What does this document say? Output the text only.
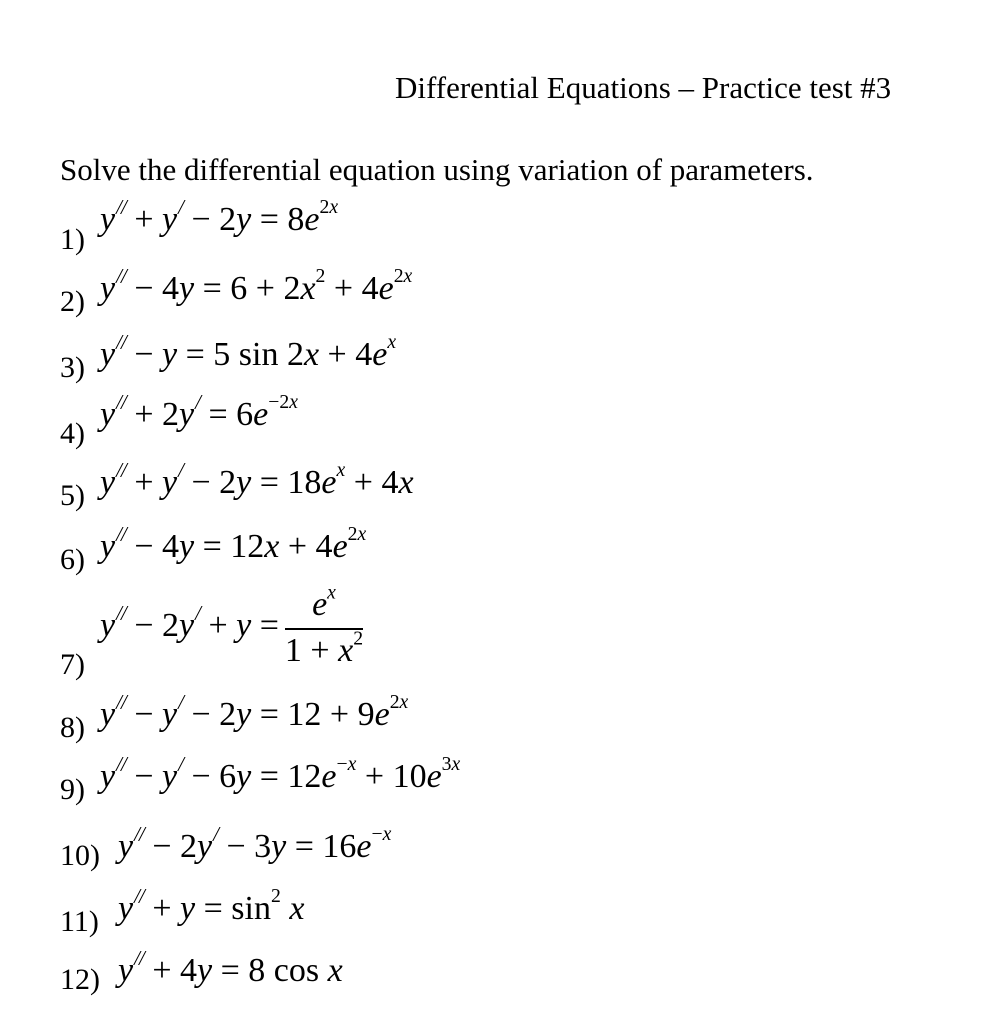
Differential Equations – Practice test #3
Solve the differential equation using variation of parameters.
1)
$y^{//} + y^/ - 2y = 8e^{2x}$
2) $y^{//} - 4y = 6 + 2x^2 + 4e^{2x}$
3) y// − y = 5 $\sin 2x + 4e^x$
4)
$y^{//} + 2y^/ = 6e^{-2x}$
5) $y^{//} + y^/ - 2y = 18e^x + 4x$
6) $y^{//} - 4y = 12x + 4e^{2x}$
7)
$y^{//} - 2y^/ + y = \frac{e^x}{1 + x^2}$
8) $y^{//} - y^/ - 2y = 12 + 9e^{2x}$
9) $y^{//} - y^/ - 6y = 12e^{-x} + 10e^{3x}$
10) $y^{//} - 2y^/ - 3y = 16e^{-x}$
11) $y^{//} + y = \sin^2 x$
12) y// + 4y = 8 cos x
